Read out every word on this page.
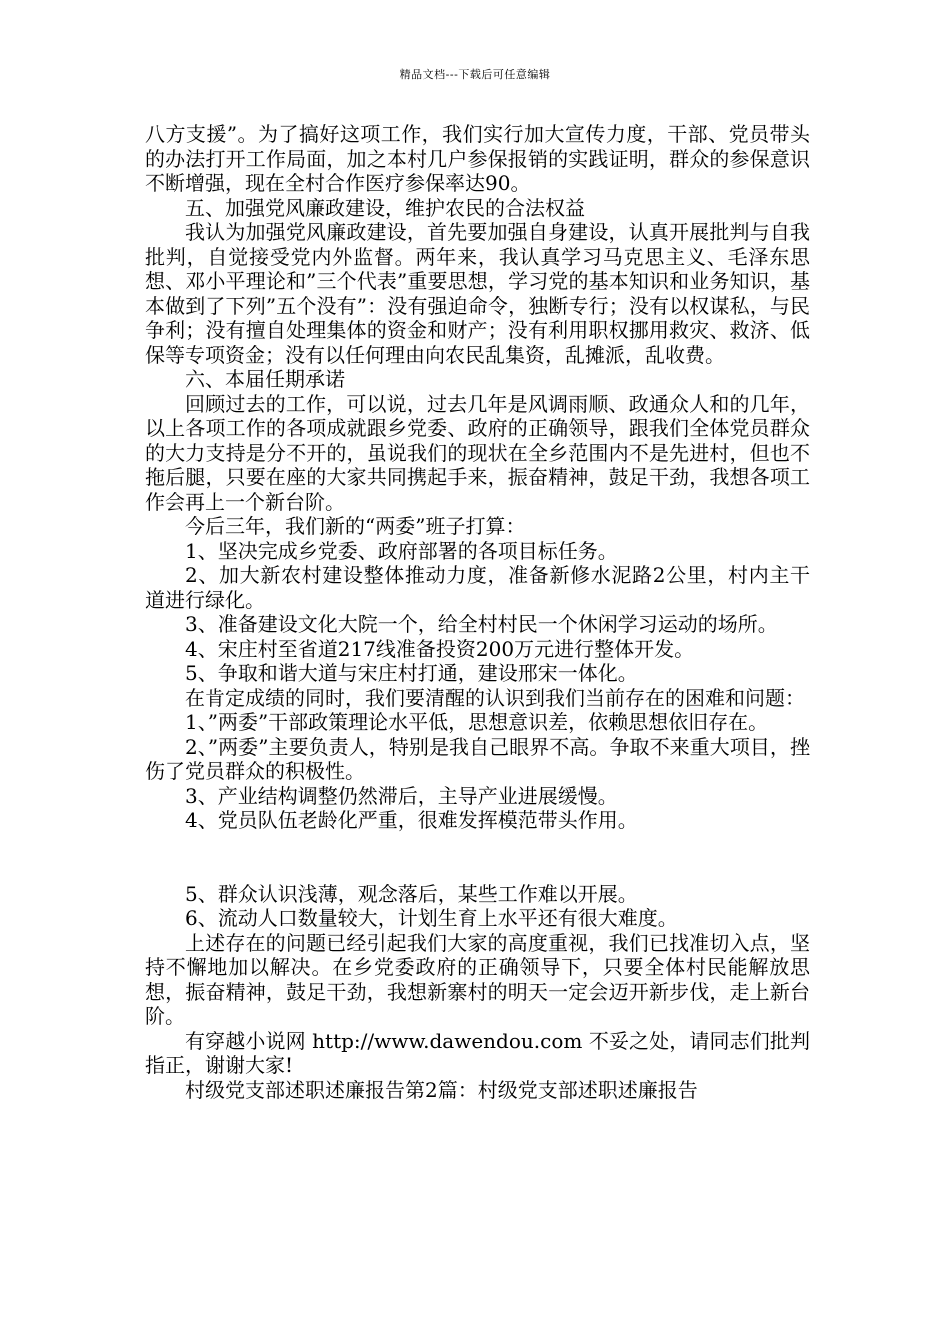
精品文档---下载后可任意编辑

八方支援”。为了搞好这项工作，我们实行加大宣传力度，干部、党员带头的办法打开工作局面，加之本村几户参保报销的实践证明，群众的参保意识不断增强，现在全村合作医疗参保率达90。

五、加强党风廉政建设，维护农民的合法权益

我认为加强党风廉政建设，首先要加强自身建设，认真开展批判与自我批判，自觉接受党内外监督。两年来，我认真学习马克思主义、毛泽东思想、邓小平理论和”三个代表”重要思想，学习党的基本知识和业务知识，基本做到了下列”五个没有”：没有强迫命令，独断专行；没有以权谋私，与民争利；没有擅自处理集体的资金和财产；没有利用职权挪用救灾、救济、低保等专项资金；没有以任何理由向农民乱集资，乱摊派，乱收费。

六、本届任期承诺

回顾过去的工作，可以说，过去几年是风调雨顺、政通众人和的几年，以上各项工作的各项成就跟乡党委、政府的正确领导，跟我们全体党员群众的大力支持是分不开的，虽说我们的现状在全乡范围内不是先进村，但也不拖后腿，只要在座的大家共同携起手来，振奋精神，鼓足干劲，我想各项工作会再上一个新台阶。

今后三年，我们新的“两委”班子打算：

1、坚决完成乡党委、政府部署的各项目标任务。

2、加大新农村建设整体推动力度，准备新修水泥路2公里，村内主干道进行绿化。

3、准备建设文化大院一个，给全村村民一个休闲学习运动的场所。

4、宋庄村至省道217线准备投资200万元进行整体开发。

5、争取和谐大道与宋庄村打通，建设邢宋一体化。

在肯定成绩的同时，我们要清醒的认识到我们当前存在的困难和问题：

1、”两委”干部政策理论水平低，思想意识差，依赖思想依旧存在。

2、”两委”主要负责人，特别是我自己眼界不高。争取不来重大项目，挫伤了党员群众的积极性。

3、产业结构调整仍然滞后，主导产业进展缓慢。

4、党员队伍老龄化严重，很难发挥模范带头作用。

5、群众认识浅薄，观念落后，某些工作难以开展。

6、流动人口数量较大，计划生育上水平还有很大难度。

上述存在的问题已经引起我们大家的高度重视，我们已找准切入点，坚持不懈地加以解决。在乡党委政府的正确领导下，只要全体村民能解放思想，振奋精神，鼓足干劲，我想新寨村的明天一定会迈开新步伐，走上新台阶。

有穿越小说网 http://www.dawendou.com 不妥之处，请同志们批判指正，谢谢大家!

村级党支部述职述廉报告第2篇：村级党支部述职述廉报告
